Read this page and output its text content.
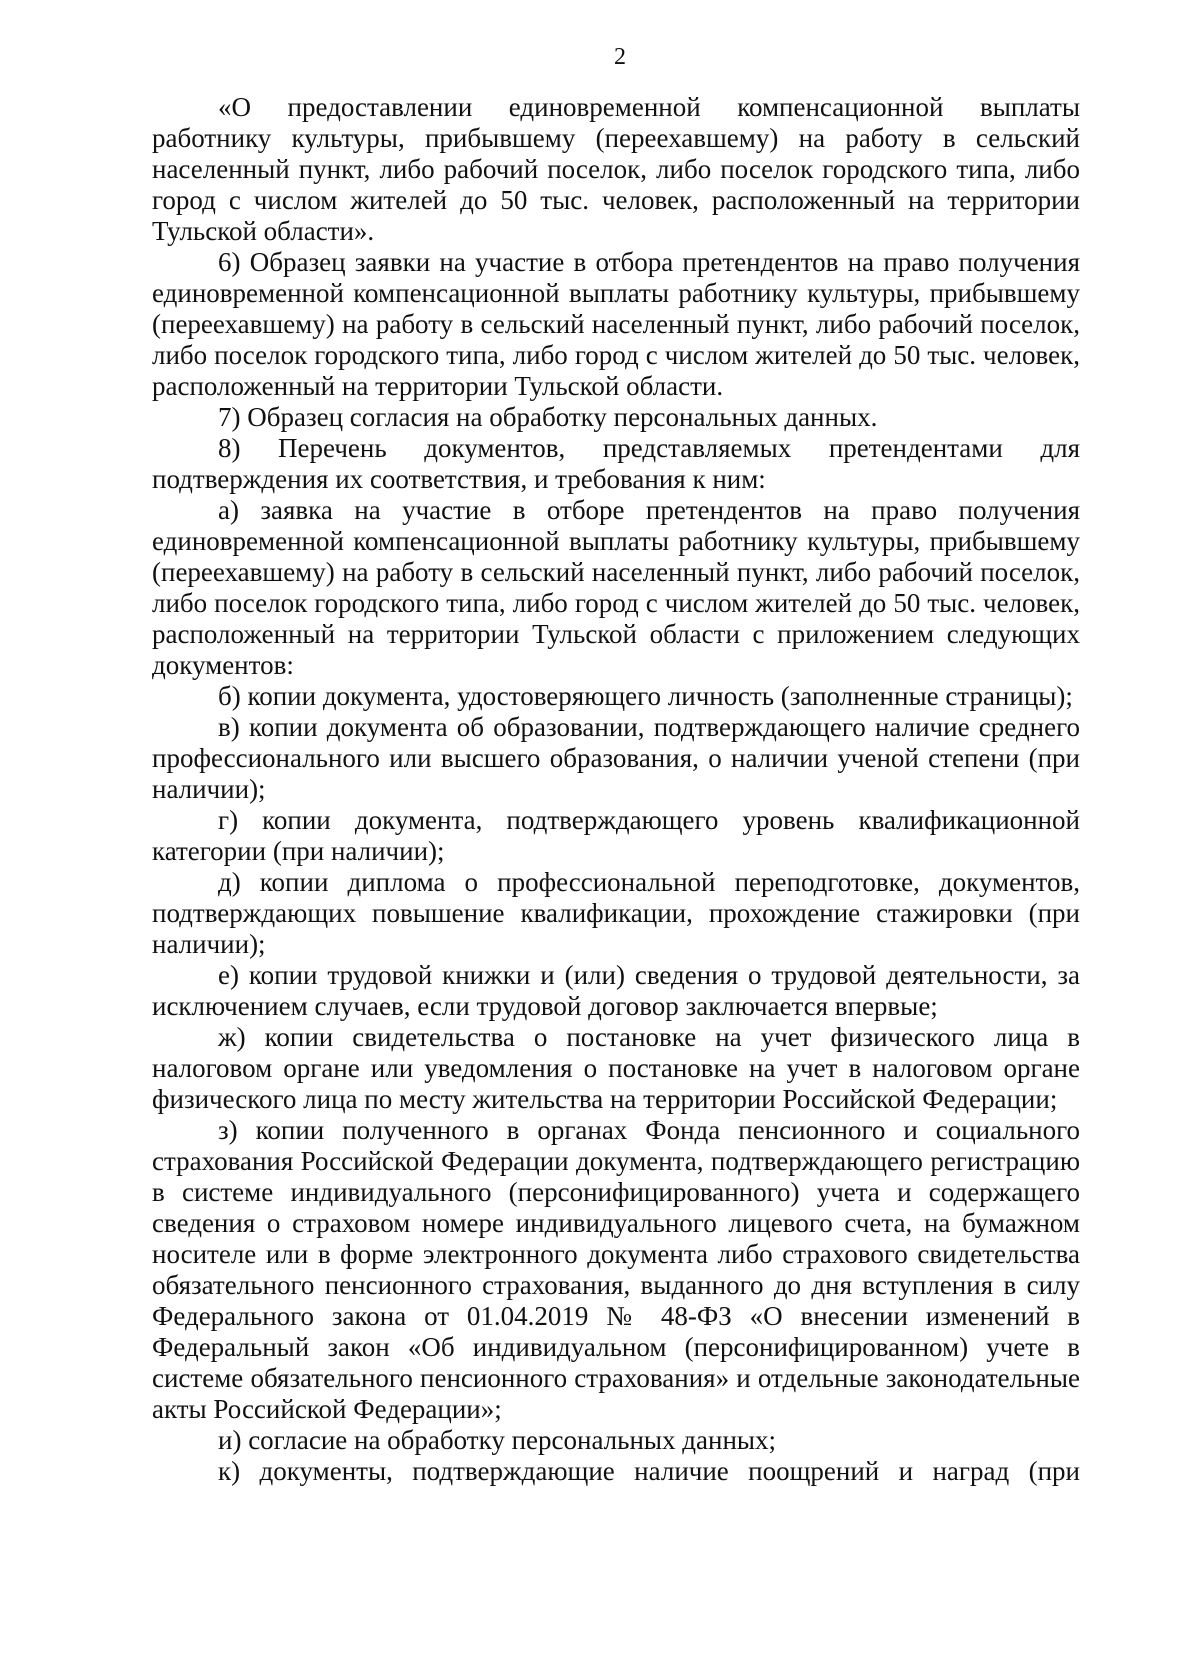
2

«О предоставлении единовременной компенсационной выплаты работнику культуры, прибывшему (переехавшему) на работу в сельский населенный пункт, либо рабочий поселок, либо поселок городского типа, либо город с числом жителей до 50 тыс. человек, расположенный на территории Тульской области».

6) Образец заявки на участие в отбора претендентов на право получения единовременной компенсационной выплаты работнику культуры, прибывшему (переехавшему) на работу в сельский населенный пункт, либо рабочий поселок, либо поселок городского типа, либо город с числом жителей до 50 тыс. человек, расположенный на территории Тульской области.

7) Образец согласия на обработку персональных данных.

8) Перечень документов, представляемых претендентами для подтверждения их соответствия, и требования к ним:

а) заявка на участие в отборе претендентов на право получения единовременной компенсационной выплаты работнику культуры, прибывшему (переехавшему) на работу в сельский населенный пункт, либо рабочий поселок, либо поселок городского типа, либо город с числом жителей до 50 тыс. человек, расположенный на территории Тульской области с приложением следующих документов:

б) копии документа, удостоверяющего личность (заполненные страницы);

в) копии документа об образовании, подтверждающего наличие среднего профессионального или высшего образования, о наличии ученой степени (при наличии);

г) копии документа, подтверждающего уровень квалификационной категории (при наличии);

д) копии диплома о профессиональной переподготовке, документов, подтверждающих повышение квалификации, прохождение стажировки (при наличии);

е) копии трудовой книжки и (или) сведения о трудовой деятельности, за исключением случаев, если трудовой договор заключается впервые;

ж) копии свидетельства о постановке на учет физического лица в налоговом органе или уведомления о постановке на учет в налоговом органе физического лица по месту жительства на территории Российской Федерации;

з) копии полученного в органах Фонда пенсионного и социального страхования Российской Федерации документа, подтверждающего регистрацию в системе индивидуального (персонифицированного) учета и содержащего сведения о страховом номере индивидуального лицевого счета, на бумажном носителе или в форме электронного документа либо страхового свидетельства обязательного пенсионного страхования, выданного до дня вступления в силу Федерального закона от 01.04.2019 № 48-ФЗ «О внесении изменений в Федеральный закон «Об индивидуальном (персонифицированном) учете в системе обязательного пенсионного страхования» и отдельные законодательные акты Российской Федерации»;

и) согласие на обработку персональных данных;

к) документы, подтверждающие наличие поощрений и наград (при
